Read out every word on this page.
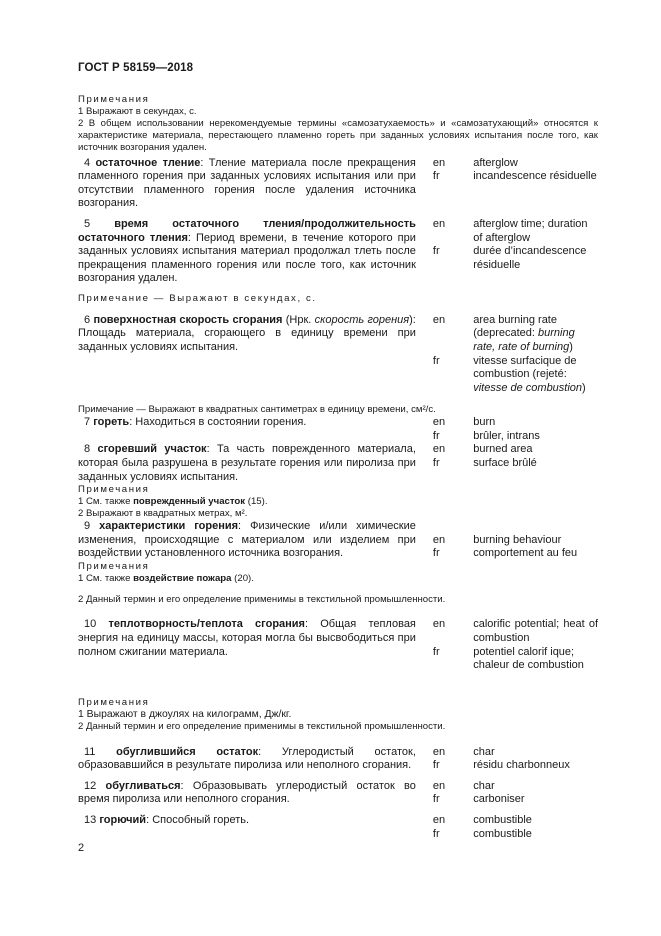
ГОСТ Р 58159—2018
Примечания
1 Выражают в секундах, с.
2 В общем использовании нерекомендуемые термины «самозатухаемость» и «самозатухающий» относятся к характеристике материала, перестающего пламенно гореть при заданных условиях испытания после того, как источник возгорания удален.
4 остаточное тление: Тление материала после прекращения пламенного горения при заданных условиях испытания или при отсутствии пламенного горения после удаления источника возгорания.
en
fr
afterglow
incandescence résiduelle
5 время остаточного тления/продолжительность остаточного тления: Период времени, в течение которого при заданных условиях испытания материал продолжал тлеть после прекращения пламенного горения или после того, как источник возгорания удален.
en
fr
afterglow time; duration of afterglow
durée d’incandescence résiduelle
Примечание — Выражают в секундах, с.
6 поверхностная скорость сгорания (Нрк. скорость горения): Площадь материала, сгорающего в единицу времени при заданных условиях испытания.
en
fr
area burning rate
(deprecated: burning rate, rate of burning)
vitesse surfacique de combustion (rejeté: vitesse de combustion)
Примечание — Выражают в квадратных сантиметрах в единицу времени, см²/с.
7 гореть: Находиться в состоянии горения.	en
fr
burn
brûler, intrans
8 сгоревший участок: Та часть поврежденного материала, которая была разрушена в результате горения или пиролиза при заданных условиях испытания.
en
fr
burned area
surface brûlé
Примечания
1 См. также поврежденный участок (15).
2 Выражают в квадратных метрах, м².
9 характеристики горения: Физические и/или химические изменения, происходящие с материалом или изделием при воздействии установленного источника возгорания.
en
fr
burning behaviour
comportement au feu
Примечания
1 См. также воздействие пожара (20).
2 Данный термин и его определение применимы в текстильной промышленности.
10 теплотворность/теплота сгорания: Общая тепловая энергия на единицу массы, которая могла бы высвободиться при полном сжигании материала.
en
fr
calorific potential; heat of combustion
potentiel calorif ique; chaleur de combustion
Примечания
1 Выражают в джоулях на килограмм, Дж/кг.
2 Данный термин и его определение применимы в текстильной промышленности.
11 обуглившийся остаток: Углеродистый остаток, образовавшийся в результате пиролиза или неполного сгорания.
en
fr
char
résidu charbonneux
12 обугливаться: Образовывать углеродистый остаток во время пиролиза или неполного сгорания.
en
fr
char
carboniser
13 горючий: Способный гореть.	en
fr
combustible
combustible
2
